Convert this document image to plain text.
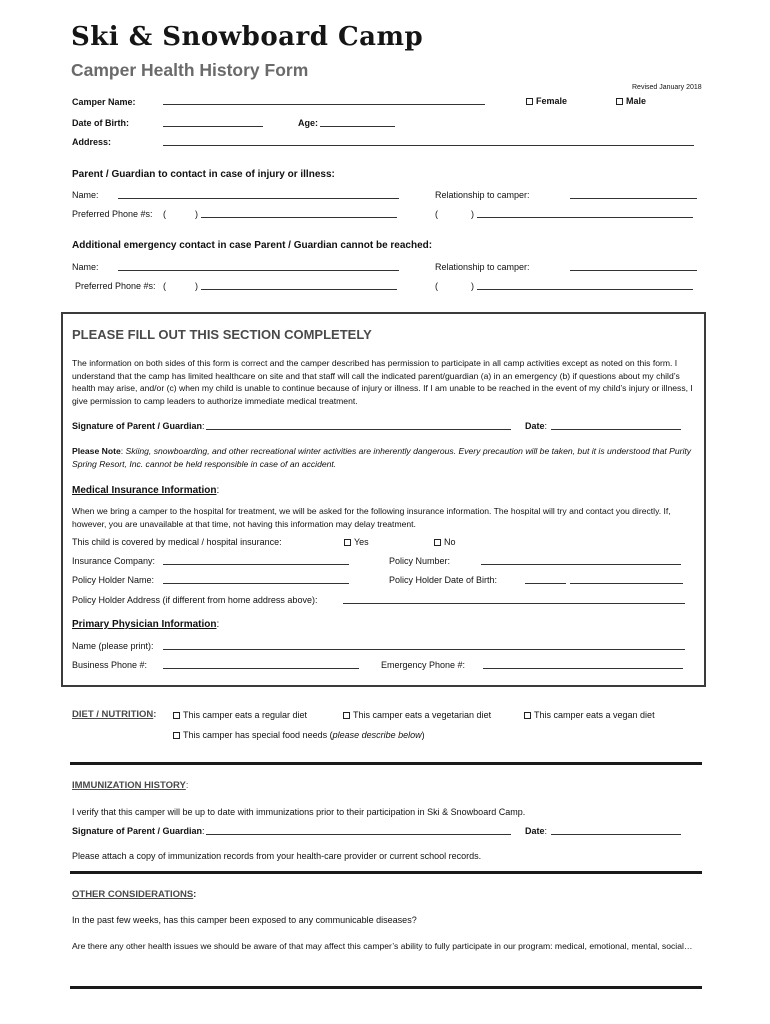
Ski & Snowboard Camp
Camper Health History Form
Revised January 2018
Camper Name:	Female	Male
Date of Birth:	Age:
Address:
Parent / Guardian to contact in case of injury or illness:
Name:	Relationship to camper:
Preferred Phone #s: (	)	(	)
Additional emergency contact in case Parent / Guardian cannot be reached:
Name:	Relationship to camper:
Preferred Phone #s: (	)	(	)
PLEASE FILL OUT THIS SECTION COMPLETELY
The information on both sides of this form is correct and the camper described has permission to participate in all camp activities except as noted on this form. I understand that the camp has limited healthcare on site and that staff will call the indicated parent/guardian (a) in an emergency (b) if questions about my child’s health may arise, and/or (c) when my child is unable to continue because of injury or illness. If I am unable to be reached in the event of my child’s injury or illness, I give permission to camp leaders to authorize immediate medical treatment.
Signature of Parent / Guardian:	Date:
Please Note: Skiing, snowboarding, and other recreational winter activities are inherently dangerous. Every precaution will be taken, but it is understood that Purity Spring Resort, Inc. cannot be held responsible in case of an accident.
Medical Insurance Information:
When we bring a camper to the hospital for treatment, we will be asked for the following insurance information. The hospital will try and contact you directly. If, however, you are unavailable at that time, not having this information may delay treatment.
This child is covered by medical / hospital insurance:	Yes	No
Insurance Company:	Policy Number:
Policy Holder Name:	Policy Holder Date of Birth:
Policy Holder Address (if different from home address above):
Primary Physician Information:
Name (please print):
Business Phone #:	Emergency Phone #:
DIET / NUTRITION:	This camper eats a regular diet	This camper eats a vegetarian diet	This camper eats a vegan diet
This camper has special food needs (please describe below)
IMMUNIZATION HISTORY:
I verify that this camper will be up to date with immunizations prior to their participation in Ski & Snowboard Camp.
Signature of Parent / Guardian:	Date:
Please attach a copy of immunization records from your health-care provider or current school records.
OTHER CONSIDERATIONS:
In the past few weeks, has this camper been exposed to any communicable diseases?
Are there any other health issues we should be aware of that may affect this camper’s ability to fully participate in our program: medical, emotional, mental, social…
